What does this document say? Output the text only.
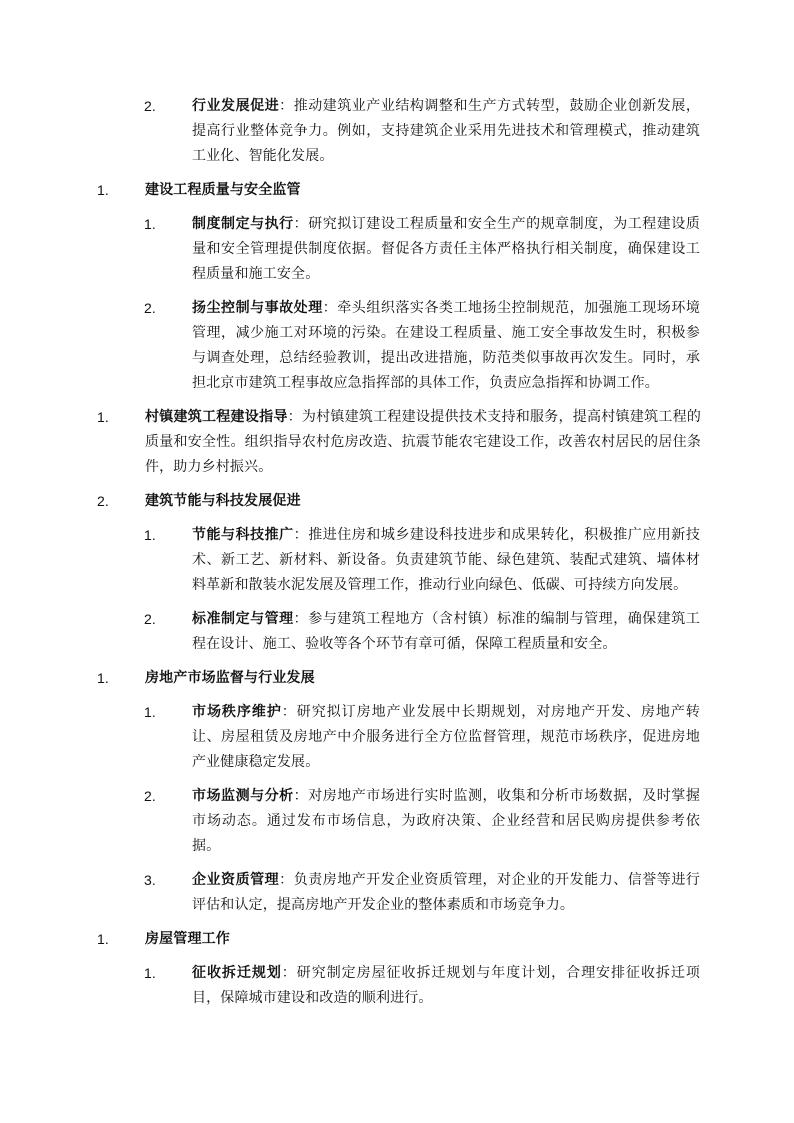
2.	行业发展促进：推动建筑业产业结构调整和生产方式转型，鼓励企业创新发展，提高行业整体竞争力。例如，支持建筑企业采用先进技术和管理模式，推动建筑工业化、智能化发展。

1.	建设工程质量与安全监管

1.	制度制定与执行：研究拟订建设工程质量和安全生产的规章制度，为工程建设质量和安全管理提供制度依据。督促各方责任主体严格执行相关制度，确保建设工程质量和施工安全。

2.	扬尘控制与事故处理：牵头组织落实各类工地扬尘控制规范，加强施工现场环境管理，减少施工对环境的污染。在建设工程质量、施工安全事故发生时，积极参与调查处理，总结经验教训，提出改进措施，防范类似事故再次发生。同时，承担北京市建筑工程事故应急指挥部的具体工作，负责应急指挥和协调工作。

1.	村镇建筑工程建设指导：为村镇建筑工程建设提供技术支持和服务，提高村镇建筑工程的质量和安全性。组织指导农村危房改造、抗震节能农宅建设工作，改善农村居民的居住条件，助力乡村振兴。

2.	建筑节能与科技发展促进

1.	节能与科技推广：推进住房和城乡建设科技进步和成果转化，积极推广应用新技术、新工艺、新材料、新设备。负责建筑节能、绿色建筑、装配式建筑、墙体材料革新和散装水泥发展及管理工作，推动行业向绿色、低碳、可持续方向发展。

2.	标准制定与管理：参与建筑工程地方（含村镇）标准的编制与管理，确保建筑工程在设计、施工、验收等各个环节有章可循，保障工程质量和安全。

1.	房地产市场监督与行业发展

1.	市场秩序维护：研究拟订房地产业发展中长期规划，对房地产开发、房地产转让、房屋租赁及房地产中介服务进行全方位监督管理，规范市场秩序，促进房地产业健康稳定发展。

2.	市场监测与分析：对房地产市场进行实时监测，收集和分析市场数据，及时掌握市场动态。通过发布市场信息，为政府决策、企业经营和居民购房提供参考依据。

3.	企业资质管理：负责房地产开发企业资质管理，对企业的开发能力、信誉等进行评估和认定，提高房地产开发企业的整体素质和市场竞争力。

1.	房屋管理工作

1.	征收拆迁规划：研究制定房屋征收拆迁规划与年度计划，合理安排征收拆迁项目，保障城市建设和改造的顺利进行。
